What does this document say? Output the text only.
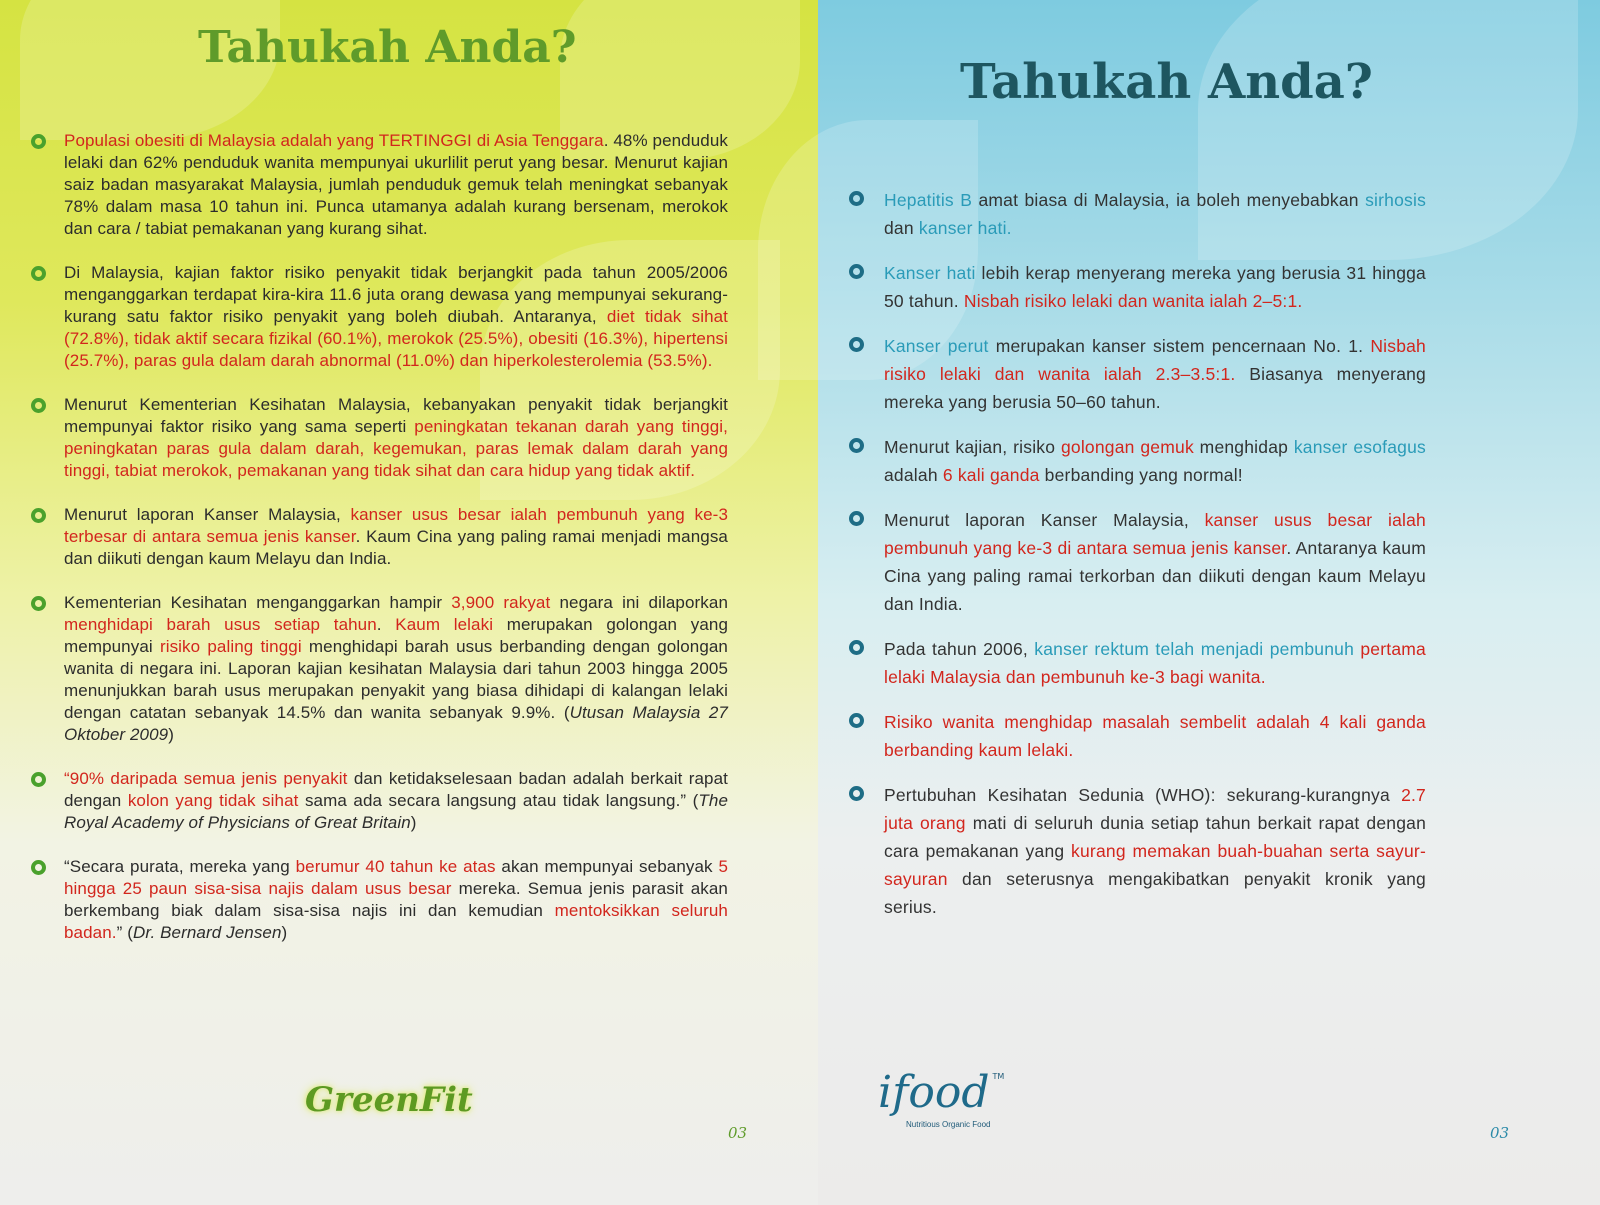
Tahukah Anda?
Populasi obesiti di Malaysia adalah yang TERTINGGI di Asia Tenggara. 48% penduduk lelaki dan 62% penduduk wanita mempunyai ukurlilit perut yang besar. Menurut kajian saiz badan masyarakat Malaysia, jumlah penduduk gemuk telah meningkat sebanyak 78% dalam masa 10 tahun ini. Punca utamanya adalah kurang bersenam, merokok dan cara / tabiat pemakanan yang kurang sihat.
Di Malaysia, kajian faktor risiko penyakit tidak berjangkit pada tahun 2005/2006 menganggarkan terdapat kira-kira 11.6 juta orang dewasa yang mempunyai sekurang-kurang satu faktor risiko penyakit yang boleh diubah. Antaranya, diet tidak sihat (72.8%), tidak aktif secara fizikal (60.1%), merokok (25.5%), obesiti (16.3%), hipertensi (25.7%), paras gula dalam darah abnormal (11.0%) dan hiperkolesterolemia (53.5%).
Menurut Kementerian Kesihatan Malaysia, kebanyakan penyakit tidak berjangkit mempunyai faktor risiko yang sama seperti peningkatan tekanan darah yang tinggi, peningkatan paras gula dalam darah, kegemukan, paras lemak dalam darah yang tinggi, tabiat merokok, pemakanan yang tidak sihat dan cara hidup yang tidak aktif.
Menurut laporan Kanser Malaysia, kanser usus besar ialah pembunuh yang ke-3 terbesar di antara semua jenis kanser. Kaum Cina yang paling ramai menjadi mangsa dan diikuti dengan kaum Melayu dan India.
Kementerian Kesihatan menganggarkan hampir 3,900 rakyat negara ini dilaporkan menghidapi barah usus setiap tahun. Kaum lelaki merupakan golongan yang mempunyai risiko paling tinggi menghidapi barah usus berbanding dengan golongan wanita di negara ini. Laporan kajian kesihatan Malaysia dari tahun 2003 hingga 2005 menunjukkan barah usus merupakan penyakit yang biasa dihidapi di kalangan lelaki dengan catatan sebanyak 14.5% dan wanita sebanyak 9.9%. (Utusan Malaysia 27 Oktober 2009)
“90% daripada semua jenis penyakit dan ketidakselesaan badan adalah berkait rapat dengan kolon yang tidak sihat sama ada secara langsung atau tidak langsung.” (The Royal Academy of Physicians of Great Britain)
“Secara purata, mereka yang berumur 40 tahun ke atas akan mempunyai sebanyak 5 hingga 25 paun sisa-sisa najis dalam usus besar mereka. Semua jenis parasit akan berkembang biak dalam sisa-sisa najis ini dan kemudian mentoksikkan seluruh badan.” (Dr. Bernard Jensen)
GreenFit
03
Tahukah Anda?
Hepatitis B amat biasa di Malaysia, ia boleh menyebabkan sirhosis dan kanser hati.
Kanser hati lebih kerap menyerang mereka yang berusia 31 hingga 50 tahun. Nisbah risiko lelaki dan wanita ialah 2–5:1.
Kanser perut merupakan kanser sistem pencernaan No. 1. Nisbah risiko lelaki dan wanita ialah 2.3–3.5:1. Biasanya menyerang mereka yang berusia 50–60 tahun.
Menurut kajian, risiko golongan gemuk menghidap kanser esofagus adalah 6 kali ganda berbanding yang normal!
Menurut laporan Kanser Malaysia, kanser usus besar ialah pembunuh yang ke-3 di antara semua jenis kanser. Antaranya kaum Cina yang paling ramai terkorban dan diikuti dengan kaum Melayu dan India.
Pada tahun 2006, kanser rektum telah menjadi pembunuh pertama lelaki Malaysia dan pembunuh ke-3 bagi wanita.
Risiko wanita menghidap masalah sembelit adalah 4 kali ganda berbanding kaum lelaki.
Pertubuhan Kesihatan Sedunia (WHO): sekurang-kurangnya 2.7 juta orang mati di seluruh dunia setiap tahun berkait rapat dengan cara pemakanan yang kurang memakan buah-buahan serta sayur-sayuran dan seterusnya mengakibatkan penyakit kronik yang serius.
ifood TM
Nutritious Organic Food	03
